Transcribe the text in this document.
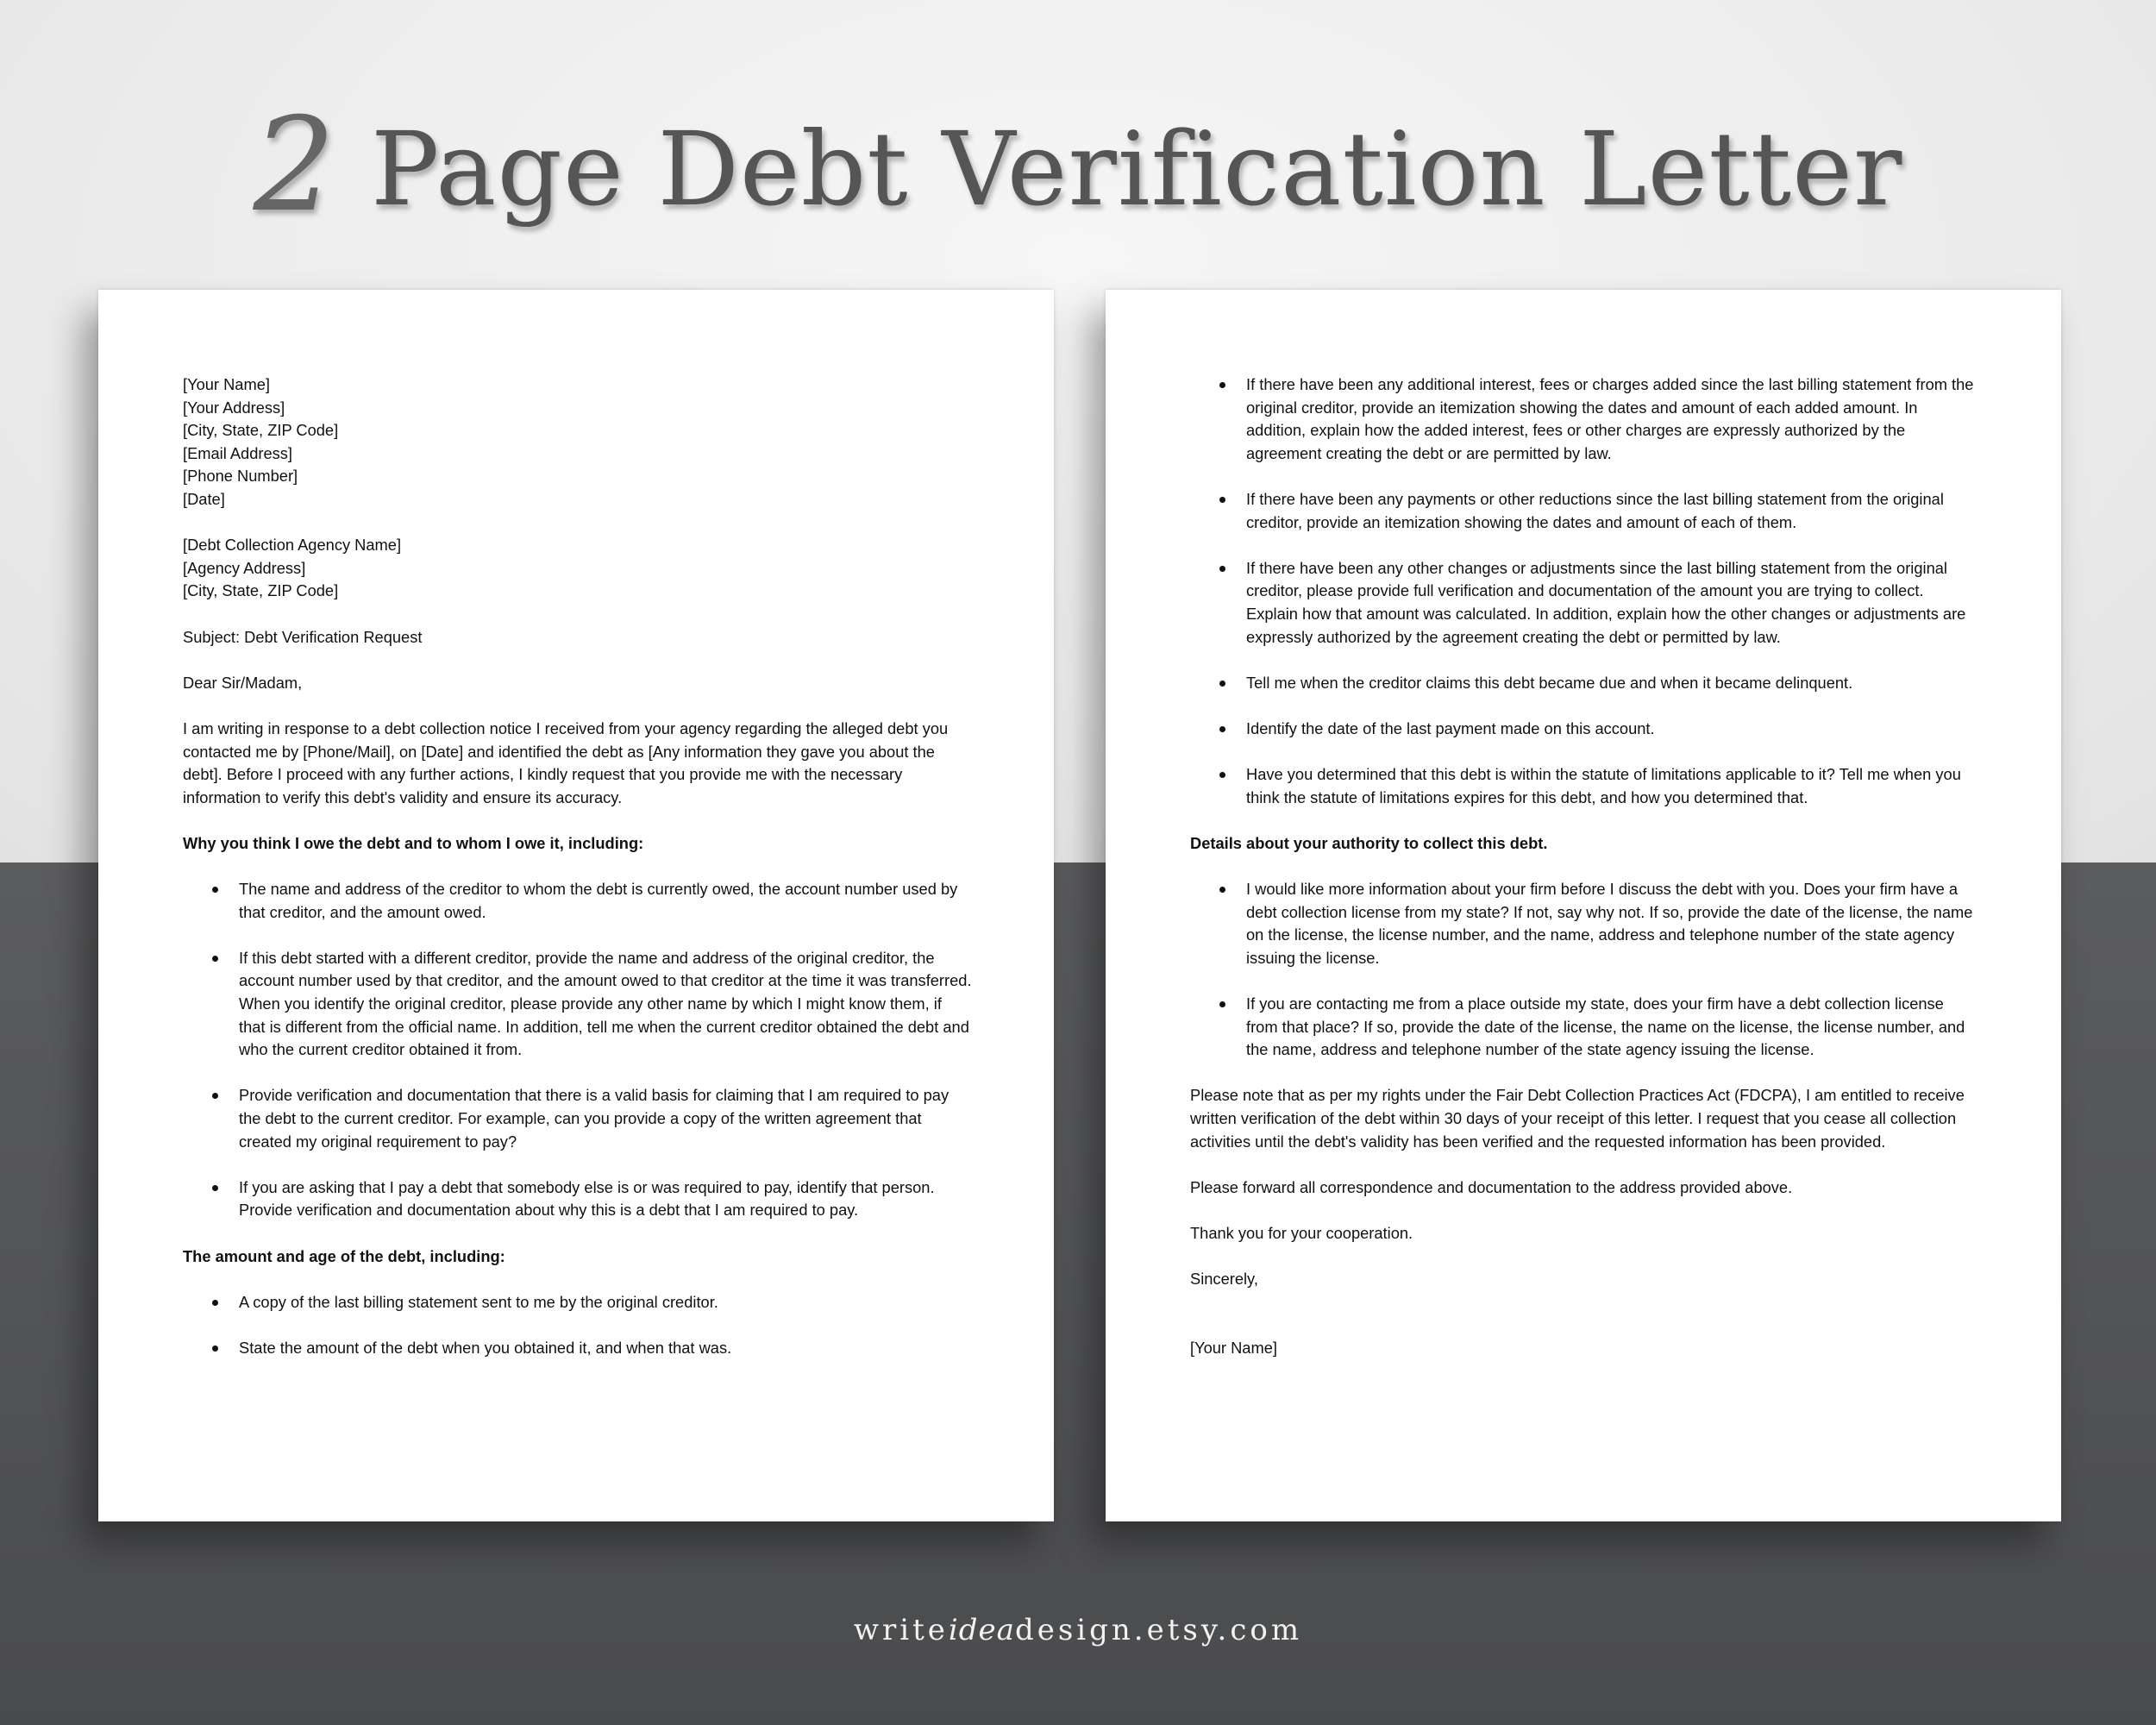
2 Page Debt Verification Letter
[Your Name]
[Your Address]
[City, State, ZIP Code]
[Email Address]
[Phone Number]
[Date]
[Debt Collection Agency Name]
[Agency Address]
[City, State, ZIP Code]
Subject: Debt Verification Request
Dear Sir/Madam,
I am writing in response to a debt collection notice I received from your agency regarding the alleged debt you contacted me by [Phone/Mail], on [Date] and identified the debt as [Any information they gave you about the debt]. Before I proceed with any further actions, I kindly request that you provide me with the necessary information to verify this debt's validity and ensure its accuracy.
Why you think I owe the debt and to whom I owe it, including:
The name and address of the creditor to whom the debt is currently owed, the account number used by that creditor, and the amount owed.
If this debt started with a different creditor, provide the name and address of the original creditor, the account number used by that creditor, and the amount owed to that creditor at the time it was transferred. When you identify the original creditor, please provide any other name by which I might know them, if that is different from the official name. In addition, tell me when the current creditor obtained the debt and who the current creditor obtained it from.
Provide verification and documentation that there is a valid basis for claiming that I am required to pay the debt to the current creditor. For example, can you provide a copy of the written agreement that created my original requirement to pay?
If you are asking that I pay a debt that somebody else is or was required to pay, identify that person. Provide verification and documentation about why this is a debt that I am required to pay.
The amount and age of the debt, including:
A copy of the last billing statement sent to me by the original creditor.
State the amount of the debt when you obtained it, and when that was.
If there have been any additional interest, fees or charges added since the last billing statement from the original creditor, provide an itemization showing the dates and amount of each added amount. In addition, explain how the added interest, fees or other charges are expressly authorized by the agreement creating the debt or are permitted by law.
If there have been any payments or other reductions since the last billing statement from the original creditor, provide an itemization showing the dates and amount of each of them.
If there have been any other changes or adjustments since the last billing statement from the original creditor, please provide full verification and documentation of the amount you are trying to collect. Explain how that amount was calculated. In addition, explain how the other changes or adjustments are expressly authorized by the agreement creating the debt or permitted by law.
Tell me when the creditor claims this debt became due and when it became delinquent.
Identify the date of the last payment made on this account.
Have you determined that this debt is within the statute of limitations applicable to it? Tell me when you think the statute of limitations expires for this debt, and how you determined that.
Details about your authority to collect this debt.
I would like more information about your firm before I discuss the debt with you. Does your firm have a debt collection license from my state? If not, say why not. If so, provide the date of the license, the name on the license, the license number, and the name, address and telephone number of the state agency issuing the license.
If you are contacting me from a place outside my state, does your firm have a debt collection license from that place? If so, provide the date of the license, the name on the license, the license number, and the name, address and telephone number of the state agency issuing the license.
Please note that as per my rights under the Fair Debt Collection Practices Act (FDCPA), I am entitled to receive written verification of the debt within 30 days of your receipt of this letter. I request that you cease all collection activities until the debt's validity has been verified and the requested information has been provided.
Please forward all correspondence and documentation to the address provided above.
Thank you for your cooperation.
Sincerely,
[Your Name]
writeideadesign.etsy.com
